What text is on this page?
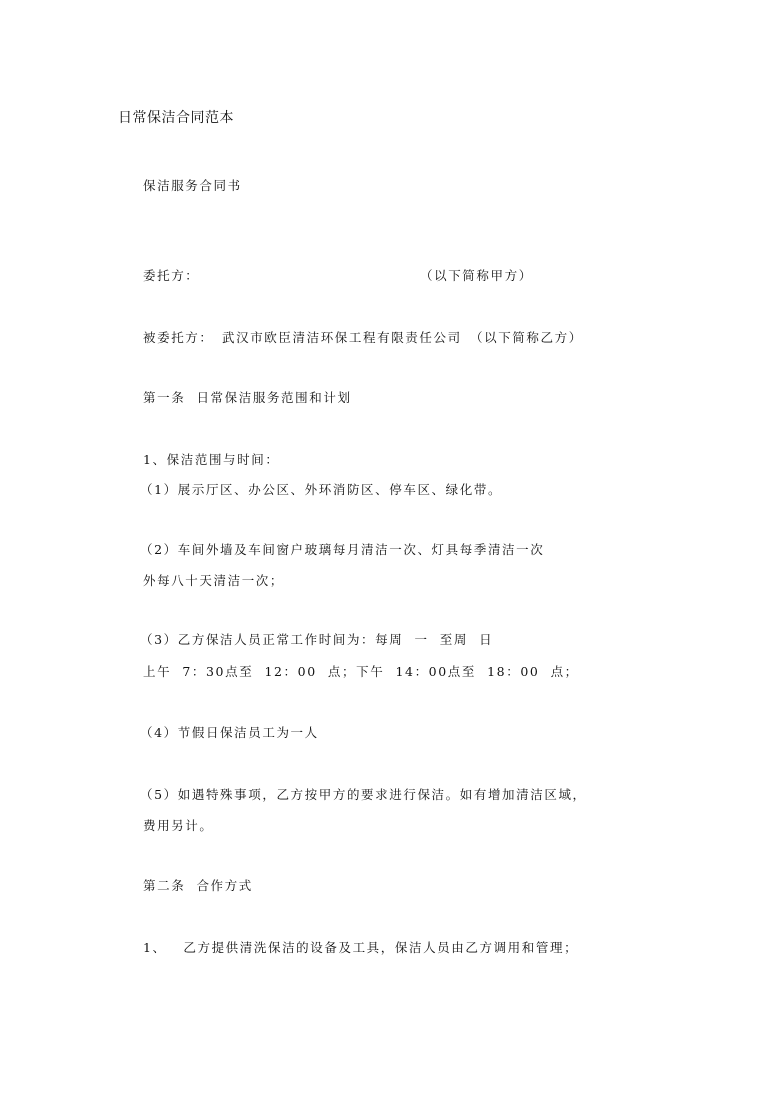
日常保洁合同范本
保洁服务合同书
委托方：	（以下简称甲方）
被委托方： 武汉市欧臣清洁环保工程有限责任公司 （以下简称乙方）
第一条  日常保洁服务范围和计划
1、保洁范围与时间：
（1）展示厅区、办公区、外环消防区、停车区、绿化带。
（2）车间外墙及车间窗户玻璃每月清洁一次、灯具每季清洁一次
外每八十天清洁一次；
（3）乙方保洁人员正常工作时间为：每周  一  至周  日
上午  7：30点至  12：00  点；下午  14：00点至  18：00  点；
（4）节假日保洁员工为一人
（5）如遇特殊事项，乙方按甲方的要求进行保洁。如有增加清洁区域，
费用另计。
第二条  合作方式
1、   乙方提供清洗保洁的设备及工具，保洁人员由乙方调用和管理；
